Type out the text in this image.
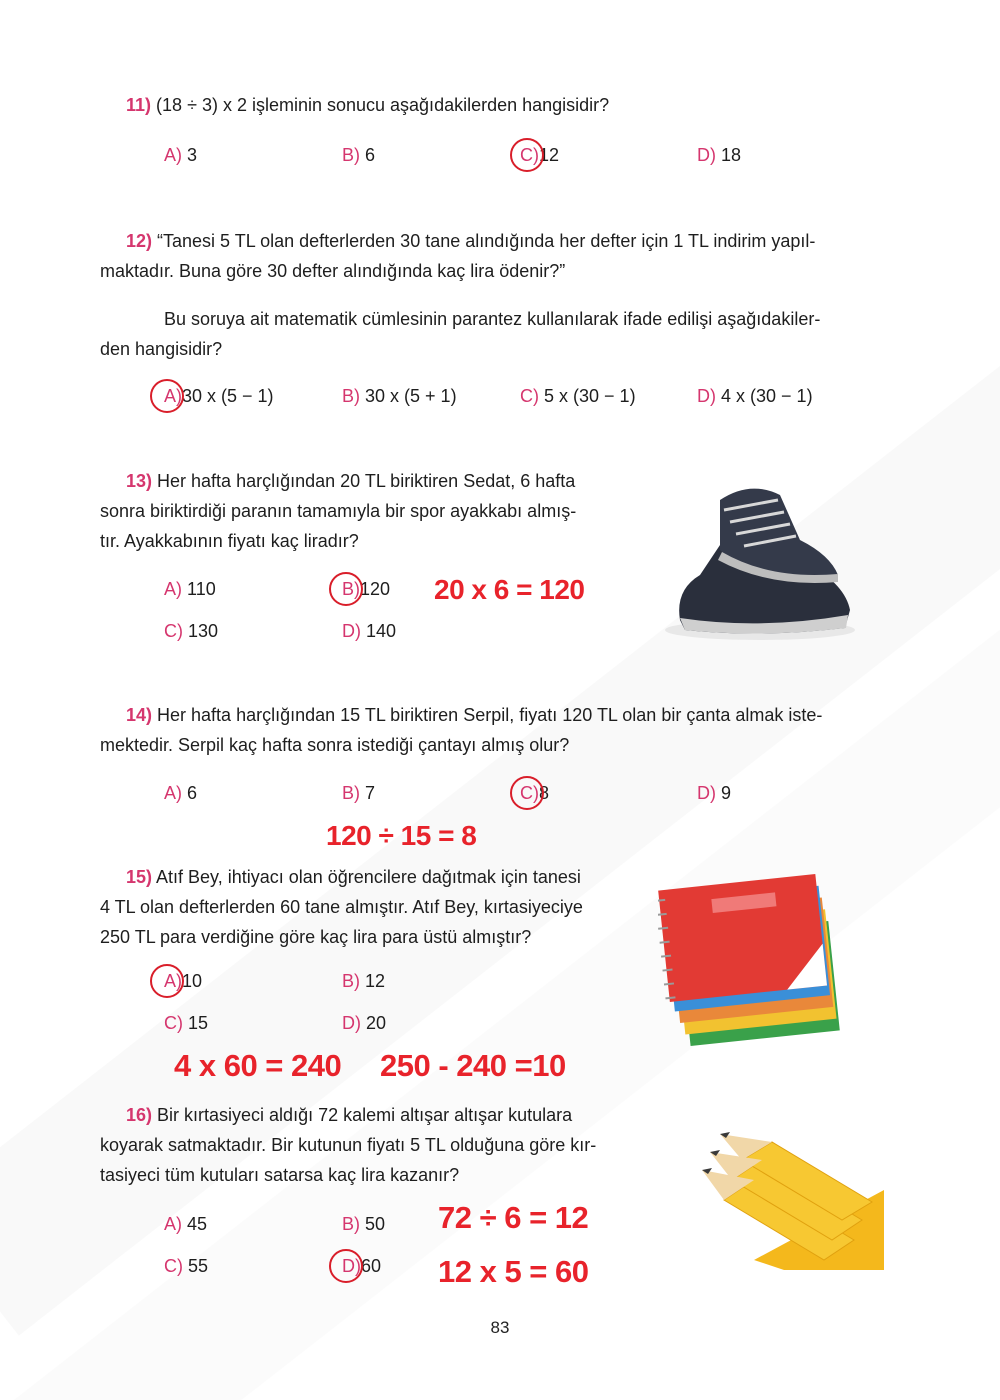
11) (18 ÷ 3) x 2 işleminin sonucu aşağıdakilerden hangisidir?
A) 3	B) 6	C)12	D) 18
12) “Tanesi 5 TL olan defterlerden 30 tane alındığında her defter için 1 TL indirim yapıl-
maktadır. Buna göre 30 defter alındığında kaç lira ödenir?”
Bu soruya ait matematik cümlesinin parantez kullanılarak ifade edilişi aşağıdakiler-
den hangisidir?
A)30 x (5 − 1)	B) 30 x (5 + 1)	C) 5 x (30 − 1)	D) 4 x (30 − 1)
13) Her hafta harçlığından 20 TL biriktiren Sedat, 6 hafta
sonra biriktirdiği paranın tamamıyla bir spor ayakkabı almış-
tır. Ayakkabının fiyatı kaç liradır?
A) 110	B)120
C) 130	D) 140
20 x 6 = 120
14) Her hafta harçlığından 15 TL biriktiren Serpil, fiyatı 120 TL olan bir çanta almak iste-
mektedir. Serpil kaç hafta sonra istediği çantayı almış olur?
A) 6	B) 7	C)8	D) 9
120 ÷ 15 = 8
15) Atıf Bey, ihtiyacı olan öğrencilere dağıtmak için tanesi
4 TL olan defterlerden 60 tane almıştır. Atıf Bey, kırtasiyeciye
250 TL para verdiğine göre kaç lira para üstü almıştır?
A)10	B) 12
C) 15	D) 20
4 x 60 = 240 250 - 240 =10
16) Bir kırtasiyeci aldığı 72 kalemi altışar altışar kutulara
koyarak satmaktadır. Bir kutunun fiyatı 5 TL olduğuna göre kır-
tasiyeci tüm kutuları satarsa kaç lira kazanır?
A) 45	B) 50
C) 55	D)60
72 ÷ 6 = 12
12 x 5 = 60
83
